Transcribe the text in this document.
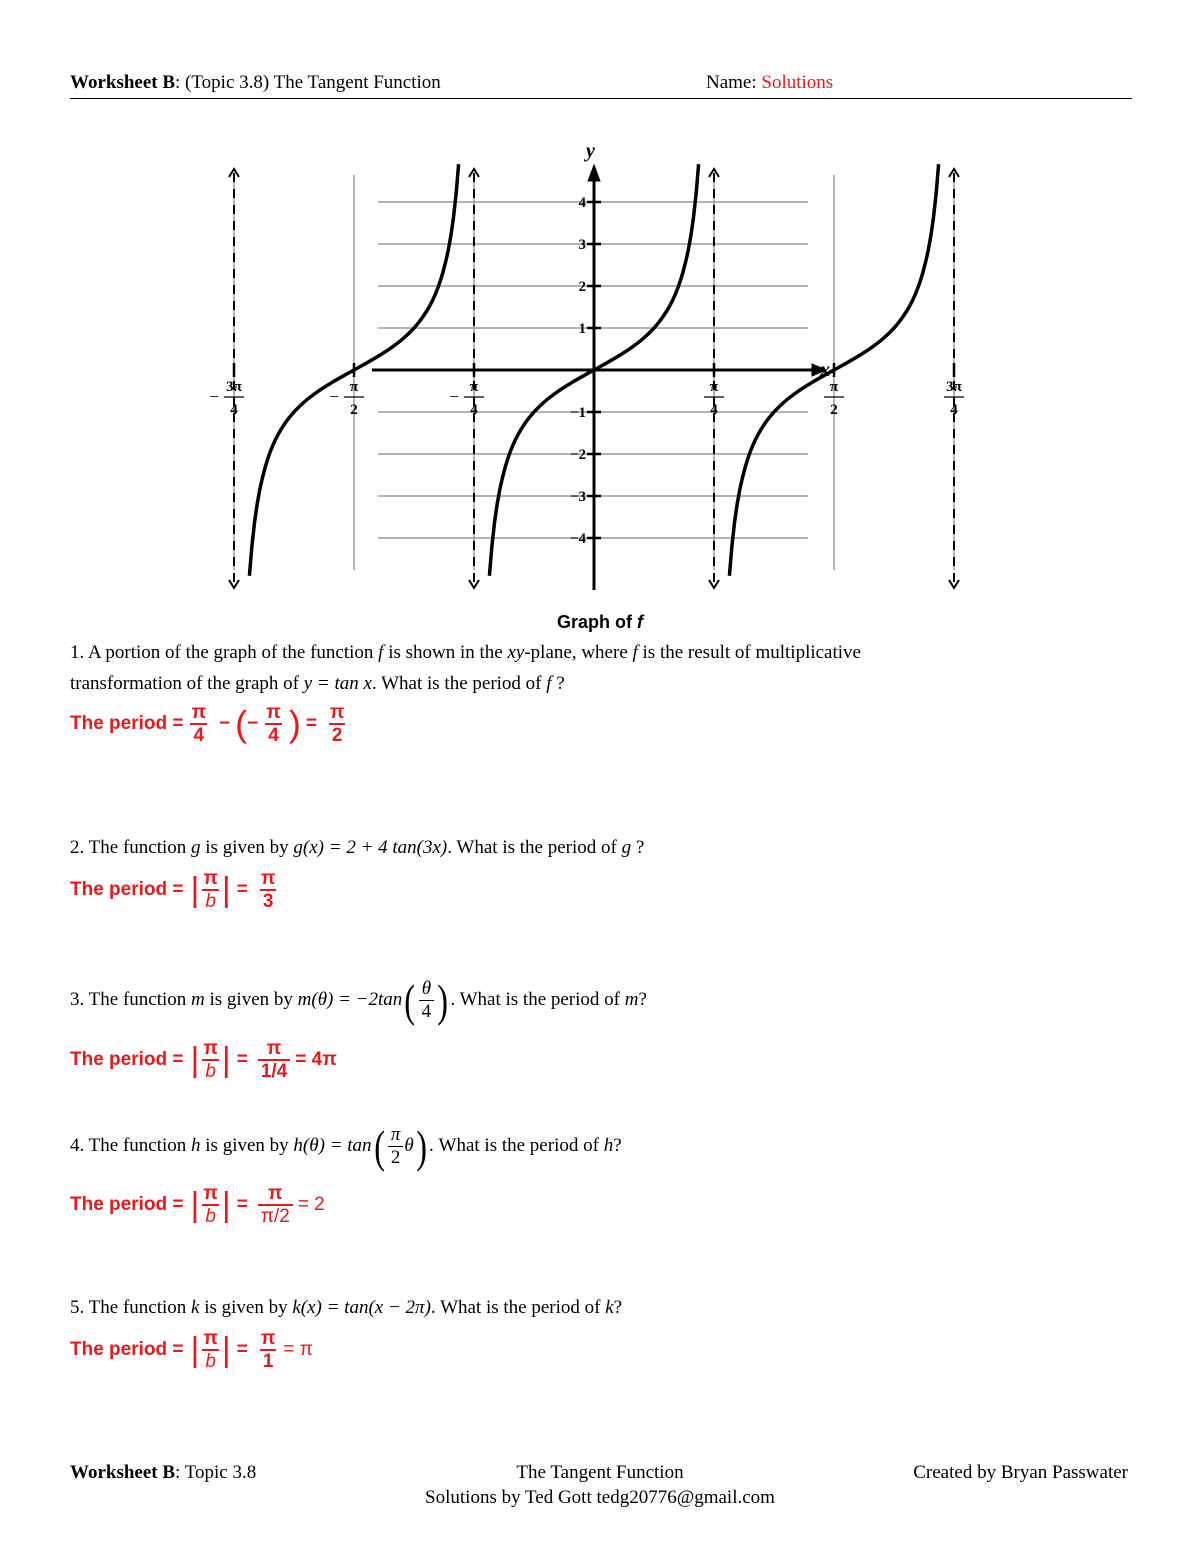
Worksheet B: (Topic 3.8) The Tangent Function	Name: Solutions
4
3
2
1
−1
−2
−3
−4
3π
4
−	π
2
−	π
4
−	π
4
π
2
3π
4
y
x
Graph of f
1. A portion of the graph of the function f is shown in the xy-plane, where f is the result of multiplicative
transformation of the graph of y = tan x. What is the period of f ?
The period = $\frac{\pi}{4}$ − ( − $\frac{\pi}{4}$ ) = $\frac{\pi}{2}$
2. The function g is given by g(x) = 2 + 4 tan(3x). What is the period of g ?
The period = | $\frac{\pi}{b}$ | = $\frac{\pi}{3}$
3. The function m is given by $m(\theta) = -2\tan( \frac{\theta}{4}$ ) . What is the period of m?
The period = | $\frac{\pi}{b}$ | = $\frac{\pi}{1/4} = 4\pi$
4. The function h is given by $h(\theta) = \tan( \frac{\pi}{2} \theta)$ . What is the period of h?
The period = | $\frac{\pi}{b}$ | = $\frac{\pi}{\pi/2} = 2$
5. The function k is given by k(x) = tan(x − 2π). What is the period of k?
The period = | $\frac{\pi}{b}$ | = $\frac{\pi}{1} = \pi$
Worksheet B: Topic 3.8	The Tangent Function	Created by Bryan Passwater
Solutions by Ted Gott tedg20776@gmail.com
